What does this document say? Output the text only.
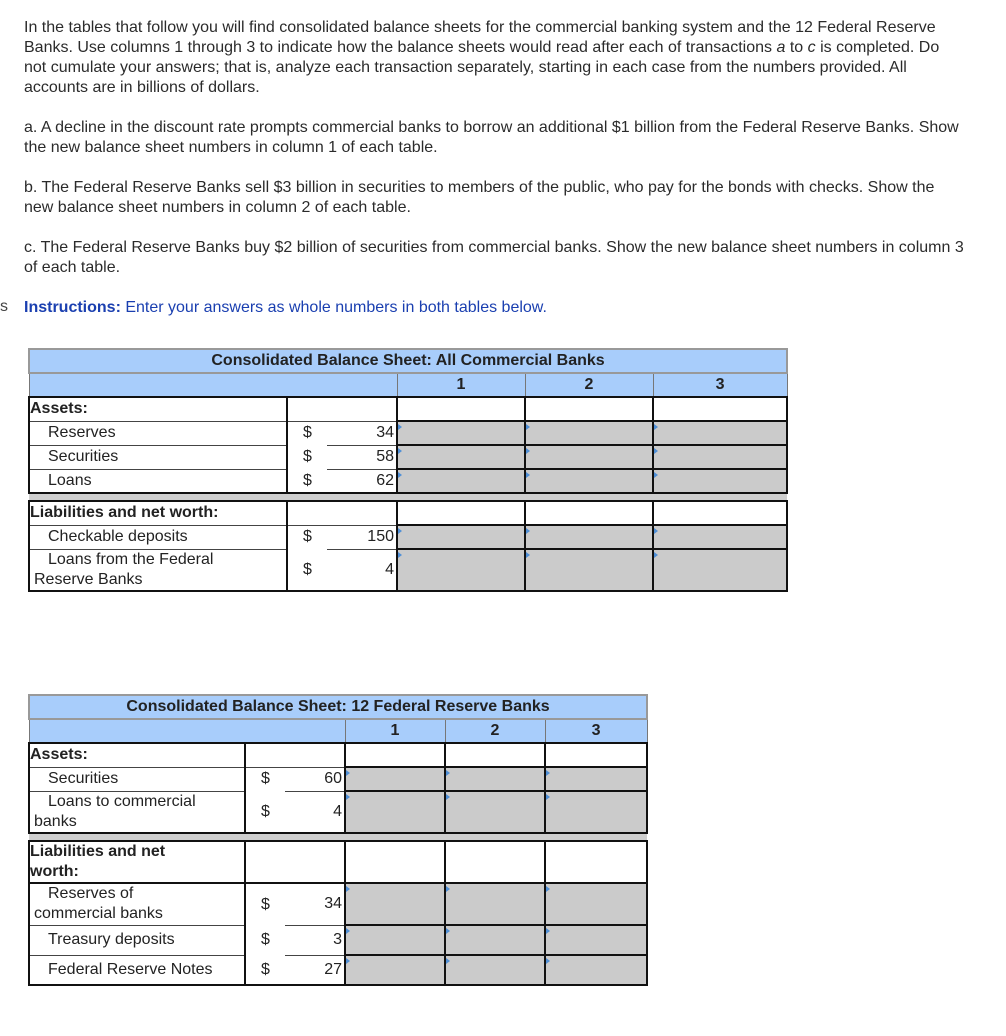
s

In the tables that follow you will find consolidated balance sheets for the commercial banking system and the 12 Federal Reserve Banks. Use columns 1 through 3 to indicate how the balance sheets would read after each of transactions a to c is completed. Do not cumulate your answers; that is, analyze each transaction separately, starting in each case from the numbers provided. All accounts are in billions of dollars.

a. A decline in the discount rate prompts commercial banks to borrow an additional $1 billion from the Federal Reserve Banks. Show the new balance sheet numbers in column 1 of each table.

b. The Federal Reserve Banks sell $3 billion in securities to members of the public, who pay for the bonds with checks. Show the new balance sheet numbers in column 2 of each table.

c. The Federal Reserve Banks buy $2 billion of securities from commercial banks. Show the new balance sheet numbers in column 3 of each table.

Instructions: Enter your answers as whole numbers in both tables below.

Consolidated Balance Sheet: All Commercial Banks					
			1	2	3
Assets:					
Reserves	$	34			
Securities	$	58			
Loans	$	62			

Liabilities and net worth:					
Checkable deposits	$	150			

Loans from the Federal
Reserve Banks	$	4			
Consolidated Balance Sheet: 12 Federal Reserve Banks					
			1	2	3
Assets:					
Securities	$	60			

Loans to commercial
banks	$	4			

Liabilities and net
worth:					

Reserves of
commercial banks	$	34			
Treasury deposits	$	3			
Federal Reserve Notes	$	27			
